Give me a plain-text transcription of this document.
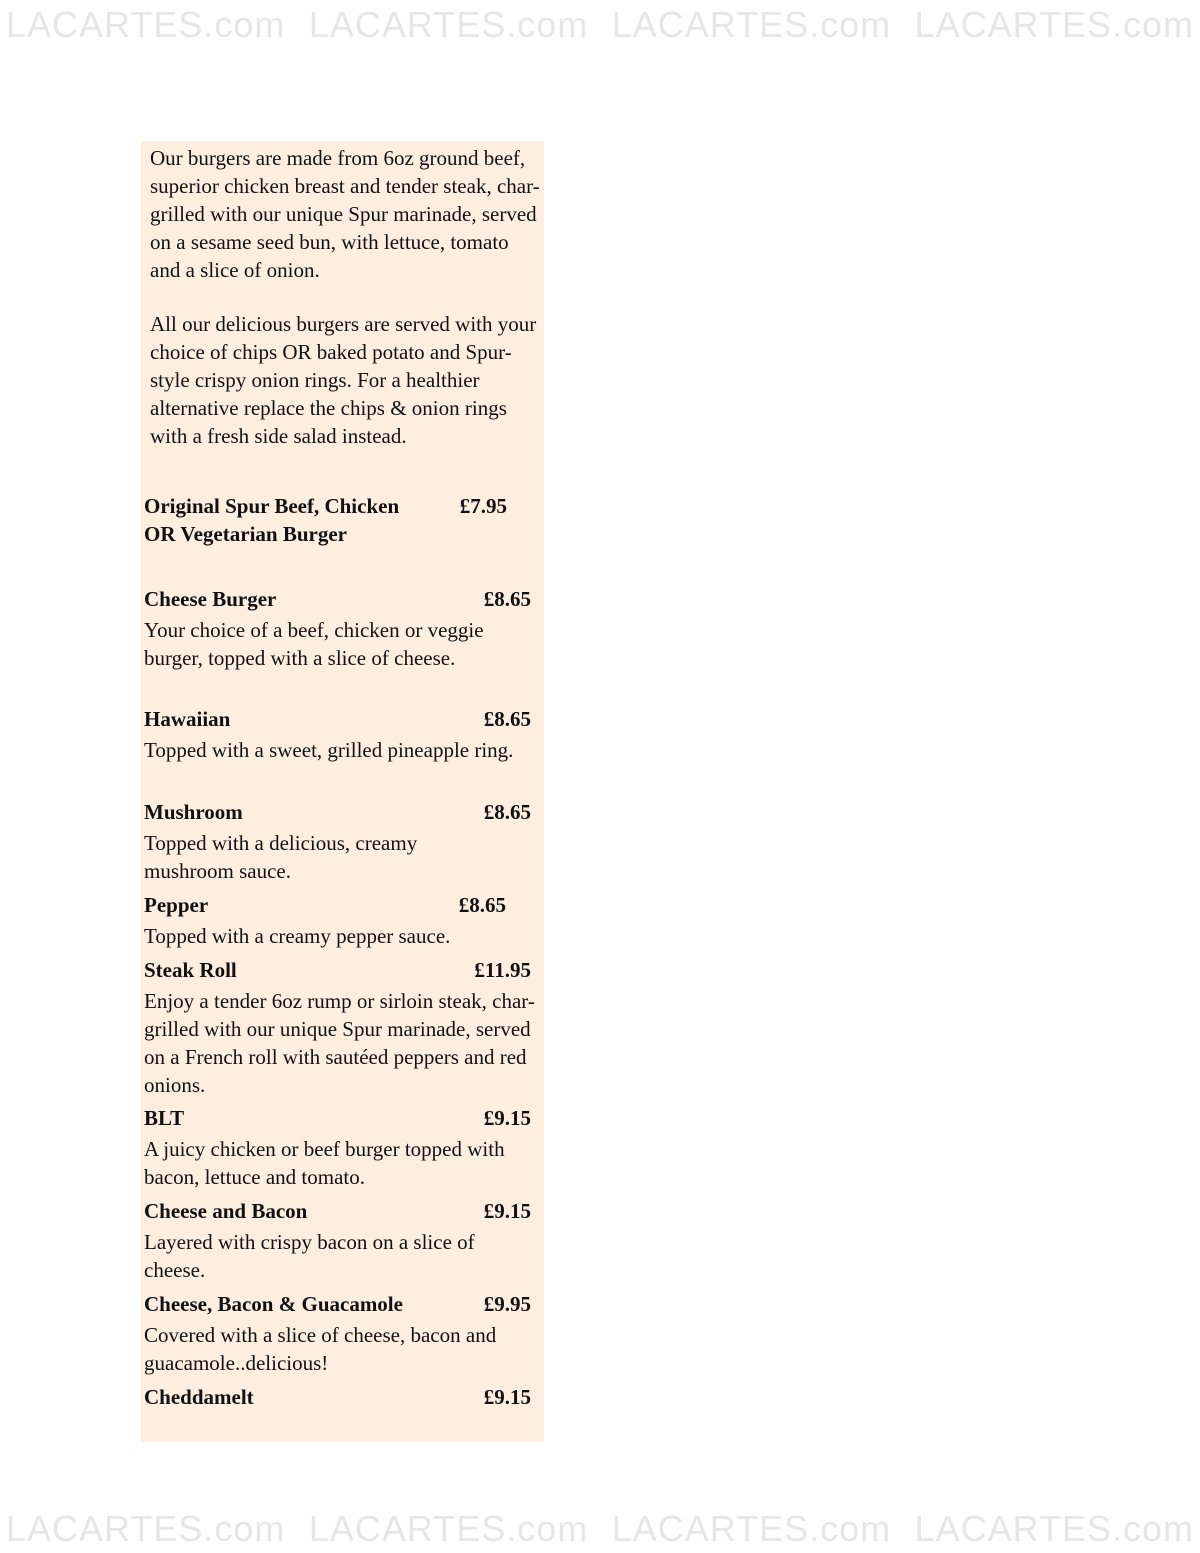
LACARTES.com LACARTES.com LACARTES.com LACARTES.com

Our burgers are made from 6oz ground beef, superior chicken breast and tender steak, char-grilled with our unique Spur marinade, served on a sesame seed bun, with lettuce, tomato and a slice of onion.

All our delicious burgers are served with your choice of chips OR baked potato and Spur-style crispy onion rings. For a healthier alternative replace the chips & onion rings with a fresh side salad instead.

Original Spur Beef, Chicken OR Vegetarian Burger

£7.95

Cheese Burger	£8.65

Your choice of a beef, chicken or veggie burger, topped with a slice of cheese.

Hawaiian	£8.65

Topped with a sweet, grilled pineapple ring.

Mushroom	£8.65

Topped with a delicious, creamy mushroom sauce.

Pepper	£8.65

Topped with a creamy pepper sauce.

Steak Roll	£11.95

Enjoy a tender 6oz rump or sirloin steak, char-grilled with our unique Spur marinade, served on a French roll with sautéed peppers and red onions.

BLT	£9.15

A juicy chicken or beef burger topped with bacon, lettuce and tomato.

Cheese and Bacon	£9.15

Layered with crispy bacon on a slice of cheese.

Cheese, Bacon & Guacamole	£9.95

Covered with a slice of cheese, bacon and guacamole..delicious!

Cheddamelt	£9.15

LACARTES.com LACARTES.com LACARTES.com LACARTES.com
